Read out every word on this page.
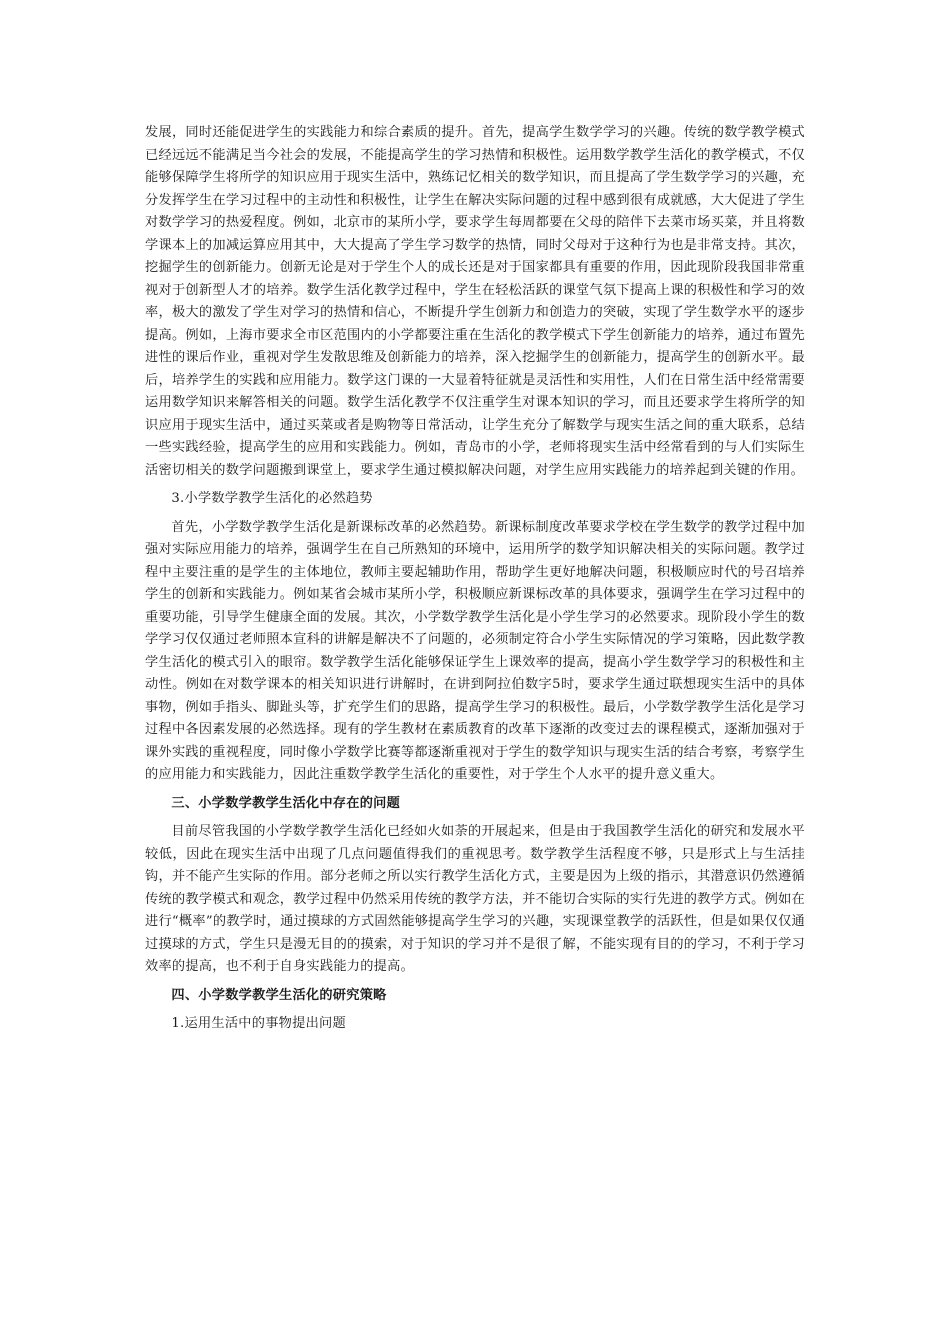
发展，同时还能促进学生的实践能力和综合素质的提升。首先，提高学生数学学习的兴趣。传统的数学教学模式已经远远不能满足当今社会的发展，不能提高学生的学习热情和积极性。运用数学教学生活化的教学模式，不仅能够保障学生将所学的知识应用于现实生活中，熟练记忆相关的数学知识，而且提高了学生数学学习的兴趣，充分发挥学生在学习过程中的主动性和积极性，让学生在解决实际问题的过程中感到很有成就感，大大促进了学生对数学学习的热爱程度。例如，北京市的某所小学，要求学生每周都要在父母的陪伴下去菜市场买菜，并且将数学课本上的加减运算应用其中，大大提高了学生学习数学的热情，同时父母对于这种行为也是非常支持。其次，挖掘学生的创新能力。创新无论是对于学生个人的成长还是对于国家都具有重要的作用，因此现阶段我国非常重视对于创新型人才的培养。数学生活化教学过程中，学生在轻松活跃的课堂气氛下提高上课的积极性和学习的效率，极大的激发了学生对学习的热情和信心，不断提升学生创新力和创造力的突破，实现了学生数学水平的逐步提高。例如，上海市要求全市区范围内的小学都要注重在生活化的教学模式下学生创新能力的培养，通过布置先进性的课后作业，重视对学生发散思维及创新能力的培养，深入挖掘学生的创新能力，提高学生的创新水平。最后，培养学生的实践和应用能力。数学这门课的一大显着特征就是灵活性和实用性，人们在日常生活中经常需要运用数学知识来解答相关的问题。数学生活化教学不仅注重学生对课本知识的学习，而且还要求学生将所学的知识应用于现实生活中，通过买菜或者是购物等日常活动，让学生充分了解数学与现实生活之间的重大联系，总结一些实践经验，提高学生的应用和实践能力。例如，青岛市的小学，老师将现实生活中经常看到的与人们实际生活密切相关的数学问题搬到课堂上，要求学生通过模拟解决问题，对学生应用实践能力的培养起到关键的作用。

3.小学数学教学生活化的必然趋势

首先，小学数学教学生活化是新课标改革的必然趋势。新课标制度改革要求学校在学生数学的教学过程中加强对实际应用能力的培养，强调学生在自己所熟知的环境中，运用所学的数学知识解决相关的实际问题。教学过程中主要注重的是学生的主体地位，教师主要起辅助作用，帮助学生更好地解决问题，积极顺应时代的号召培养学生的创新和实践能力。例如某省会城市某所小学，积极顺应新课标改革的具体要求，强调学生在学习过程中的重要功能，引导学生健康全面的发展。其次，小学数学教学生活化是小学生学习的必然要求。现阶段小学生的数学学习仅仅通过老师照本宣科的讲解是解决不了问题的，必须制定符合小学生实际情况的学习策略，因此数学教学生活化的模式引入的眼帘。数学教学生活化能够保证学生上课效率的提高，提高小学生数学学习的积极性和主动性。例如在对数学课本的相关知识进行讲解时，在讲到阿拉伯数字5时，要求学生通过联想现实生活中的具体事物，例如手指头、脚趾头等，扩充学生们的思路，提高学生学习的积极性。最后，小学数学教学生活化是学习过程中各因素发展的必然选择。现有的学生教材在素质教育的改革下逐渐的改变过去的课程模式，逐渐加强对于课外实践的重视程度，同时像小学数学比赛等都逐渐重视对于学生的数学知识与现实生活的结合考察，考察学生的应用能力和实践能力，因此注重数学教学生活化的重要性，对于学生个人水平的提升意义重大。

三、小学数学教学生活化中存在的问题

目前尽管我国的小学数学教学生活化已经如火如荼的开展起来，但是由于我国教学生活化的研究和发展水平较低，因此在现实生活中出现了几点问题值得我们的重视思考。数学教学生活程度不够，只是形式上与生活挂钩，并不能产生实际的作用。部分老师之所以实行教学生活化方式，主要是因为上级的指示，其潜意识仍然遵循传统的教学模式和观念，教学过程中仍然采用传统的教学方法，并不能切合实际的实行先进的教学方式。例如在进行“概率”的教学时，通过摸球的方式固然能够提高学生学习的兴趣，实现课堂教学的活跃性，但是如果仅仅通过摸球的方式，学生只是漫无目的的摸索，对于知识的学习并不是很了解，不能实现有目的的学习，不利于学习效率的提高，也不利于自身实践能力的提高。

四、小学数学教学生活化的研究策略

1.运用生活中的事物提出问题
